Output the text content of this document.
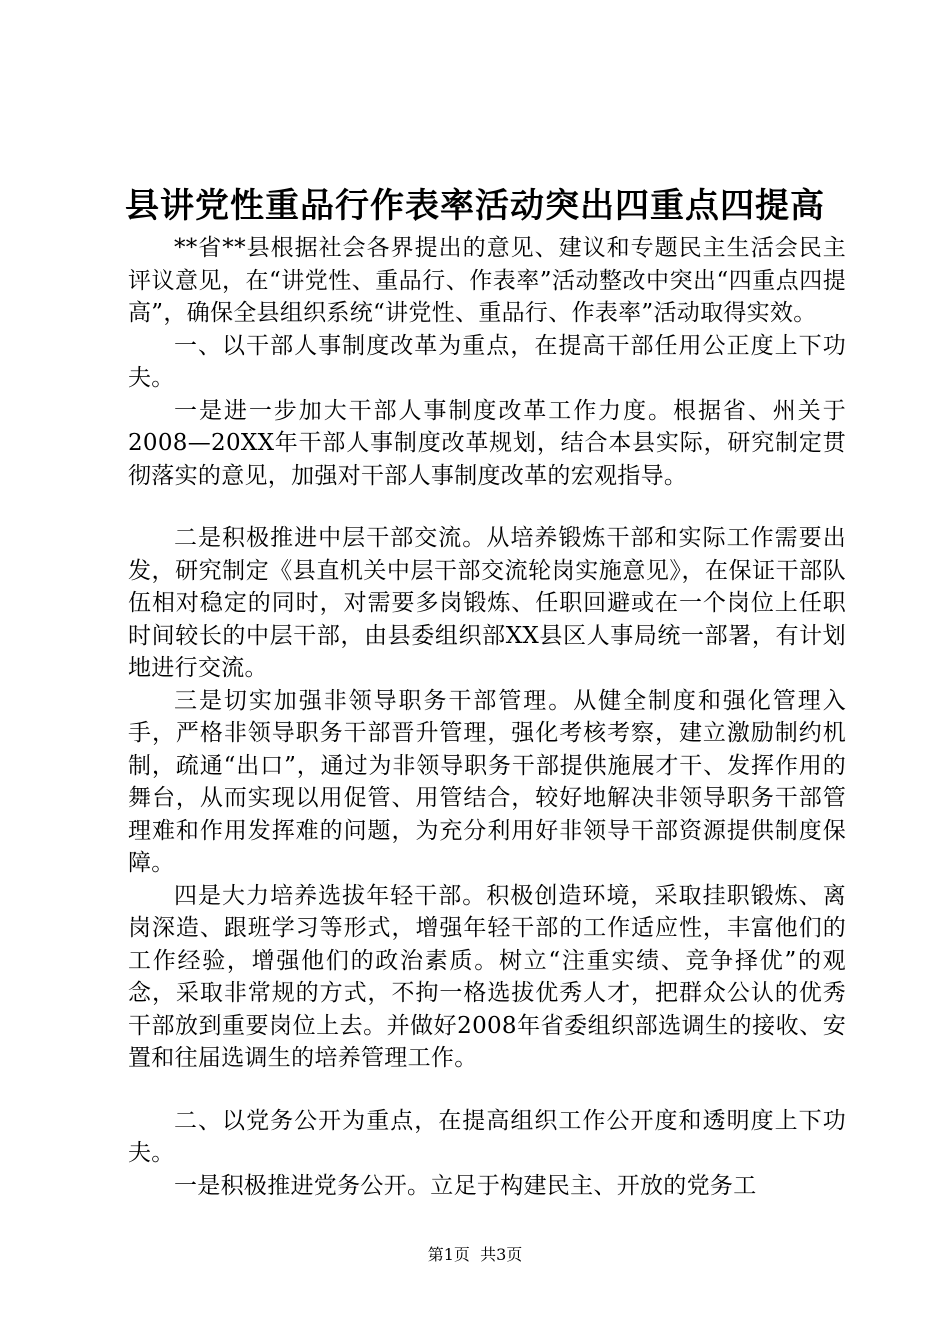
县讲党性重品行作表率活动突出四重点四提高

**省**县根据社会各界提出的意见、建议和专题民主生活会民主评议意见，在“讲党性、重品行、作表率”活动整改中突出“四重点四提高”，确保全县组织系统“讲党性、重品行、作表率”活动取得实效。

一、以干部人事制度改革为重点，在提高干部任用公正度上下功夫。

一是进一步加大干部人事制度改革工作力度。根据省、州关于2008—20XX年干部人事制度改革规划，结合本县实际，研究制定贯彻落实的意见，加强对干部人事制度改革的宏观指导。

二是积极推进中层干部交流。从培养锻炼干部和实际工作需要出发，研究制定《县直机关中层干部交流轮岗实施意见》，在保证干部队伍相对稳定的同时，对需要多岗锻炼、任职回避或在一个岗位上任职时间较长的中层干部，由县委组织部XX县区人事局统一部署，有计划地进行交流。

三是切实加强非领导职务干部管理。从健全制度和强化管理入手，严格非领导职务干部晋升管理，强化考核考察，建立激励制约机制，疏通“出口”，通过为非领导职务干部提供施展才干、发挥作用的舞台，从而实现以用促管、用管结合，较好地解决非领导职务干部管理难和作用发挥难的问题，为充分利用好非领导干部资源提供制度保障。

四是大力培养选拔年轻干部。积极创造环境，采取挂职锻炼、离岗深造、跟班学习等形式，增强年轻干部的工作适应性，丰富他们的工作经验，增强他们的政治素质。树立“注重实绩、竞争择优”的观念，采取非常规的方式，不拘一格选拔优秀人才，把群众公认的优秀干部放到重要岗位上去。并做好2008年省委组织部选调生的接收、安置和往届选调生的培养管理工作。

二、以党务公开为重点，在提高组织工作公开度和透明度上下功夫。

一是积极推进党务公开。立足于构建民主、开放的党务工

第1页  共3页
